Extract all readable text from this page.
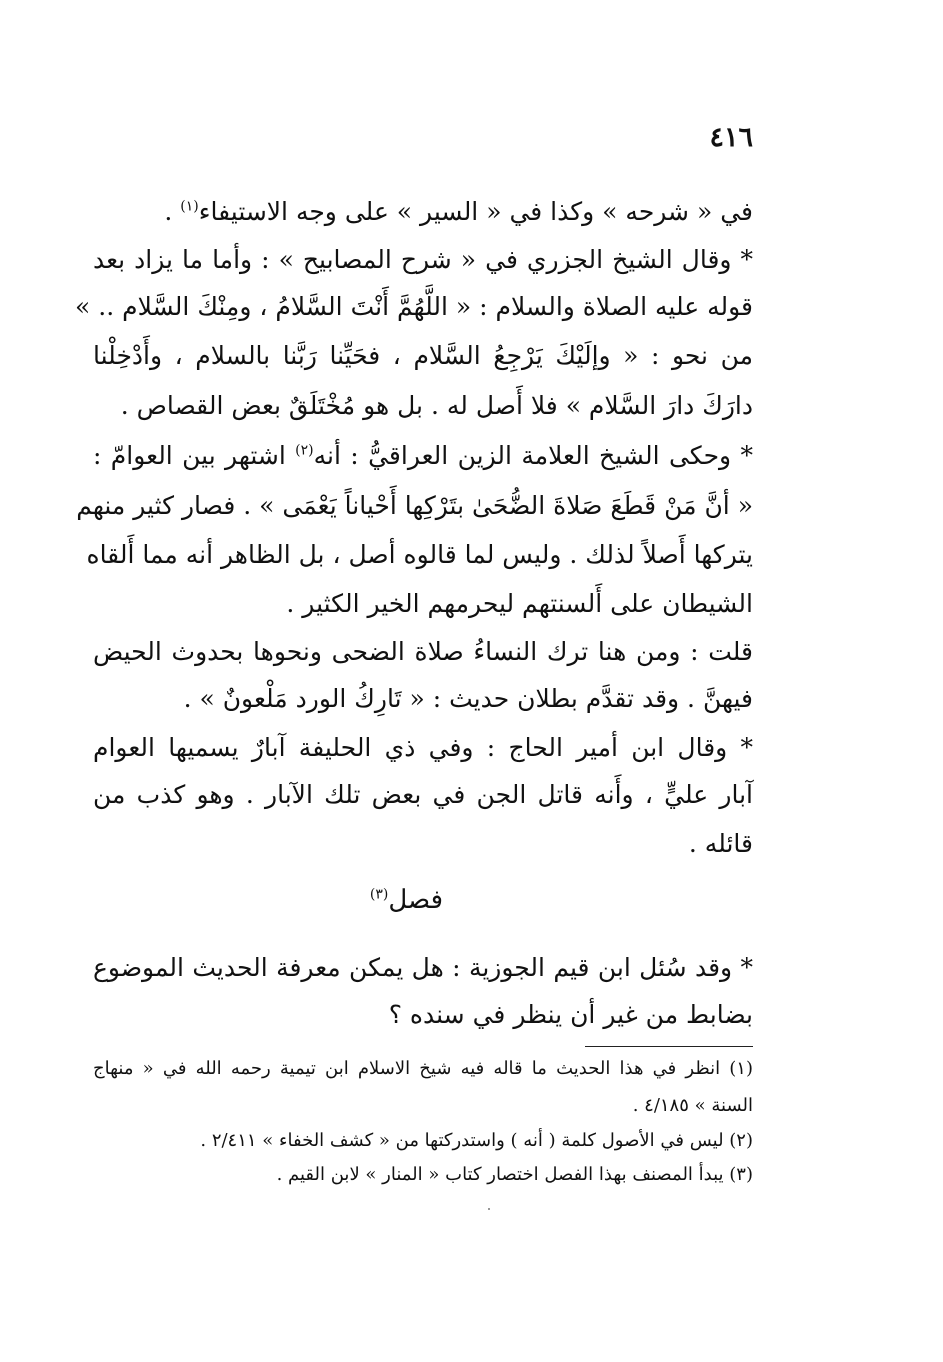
٤١٦
في « شرحه » وكذا في « السير » على وجه الاستيفاء$^{(١)}$ .
* وقال الشيخ الجزري في « شرح المصابيح » : وأما ما يزاد بعد
قوله عليه الصلاة والسلام : « اللَّهُمَّ أَنْتَ السَّلامُ ، ومِنْكَ السَّلام .. »
من نحو : « وإلَيْكَ يَرْجِعُ السَّلام ، فحَيِّنا رَبَّنا بالسلام ، وأَدْخِلْنا
دارَكَ دارَ السَّلام » فلا أَصل له . بل هو مُخْتَلَقٌ بعض القصاص .
* وحكى الشيخ العلامة الزين العراقيُّ : أنه$^{(٢)}$ اشتهر بين العوامّ :
« أنَّ مَنْ قَطَعَ صَلاةَ الضُّحَىٰ بتَرْكِها أَحْياناً يَعْمَى » . فصار كثير منهم
يتركها أَصلاً لذلك . وليس لما قالوه أصل ، بل الظاهر أنه مما أَلقاه
الشيطان على أَلسنتهم ليحرمهم الخير الكثير .
قلت : ومن هنا ترك النساءُ صلاة الضحى ونحوها بحدوث الحيض
فيهنَّ . وقد تقدَّم بطلان حديث : « تَارِكُ الورد مَلْعونٌ » .
* وقال ابن أمير الحاج : وفي ذي الحليفة آبارٌ يسميها العوام
آبار عليٍّ ، وأَنه قاتل الجن في بعض تلك الآبار . وهو كذب من
قائله .
فصل$^{(٣)}$
* وقد سُئل ابن قيم الجوزية : هل يمكن معرفة الحديث الموضوع
بضابط من غير أن ينظر في سنده ؟
(١) انظر في هذا الحديث ما قاله فيه شيخ الاسلام ابن تيمية رحمه الله في « منهاج
السنة » ٤/١٨٥ .
(٢) ليس في الأصول كلمة ( أنه ) واستدركتها من « كشف الخفاء » ٢/٤١١ .
(٣) يبدأ المصنف بهذا الفصل اختصار كتاب « المنار » لابن القيم .
